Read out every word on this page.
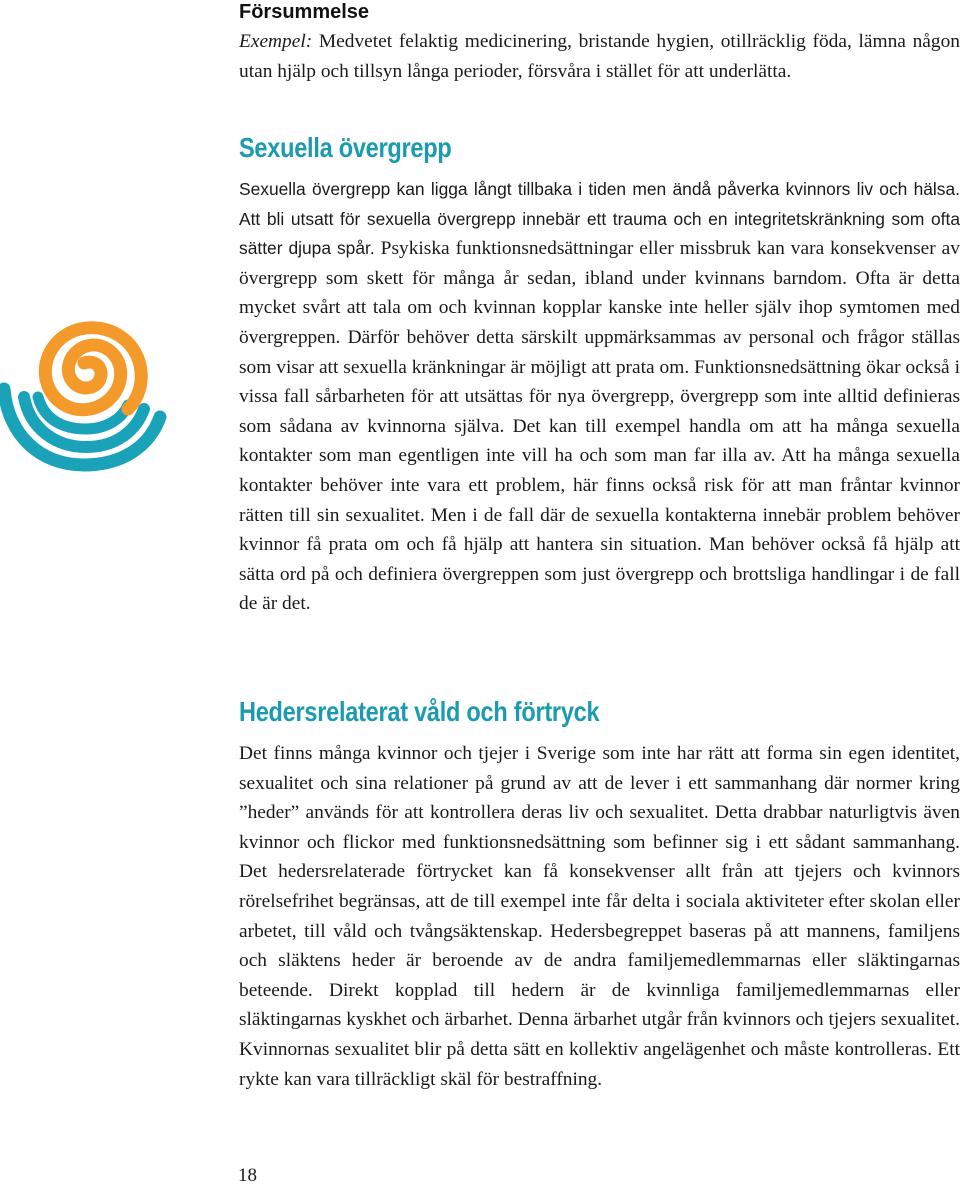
Försummelse

Exempel: Medvetet felaktig medicinering, bristande hygien, otillräcklig föda, lämna någon utan hjälp och tillsyn långa perioder, försvåra i stället för att underlätta.

Sexuella övergrepp

Sexuella övergrepp kan ligga långt tillbaka i tiden men ändå påverka kvinnors liv och hälsa. Att bli utsatt för sexuella övergrepp innebär ett trauma och en integritetskränkning som ofta sätter djupa spår. Psykiska funktionsnedsättningar eller missbruk kan vara konsekvenser av övergrepp som skett för många år sedan, ibland under kvinnans barndom. Ofta är detta mycket svårt att tala om och kvinnan kopplar kanske inte heller själv ihop symtomen med övergreppen. Därför behöver detta särskilt uppmärksammas av personal och frågor ställas som visar att sexuella kränkningar är möjligt att prata om. Funktionsnedsättning ökar också i vissa fall sårbarheten för att utsättas för nya övergrepp, övergrepp som inte alltid definieras som sådana av kvinnorna själva. Det kan till exempel handla om att ha många sexuella kontakter som man egentligen inte vill ha och som man far illa av. Att ha många sexuella kontakter behöver inte vara ett problem, här finns också risk för att man fråntar kvinnor rätten till sin sexualitet. Men i de fall där de sexuella kontakterna innebär problem behöver kvinnor få prata om och få hjälp att hantera sin situation. Man behöver också få hjälp att sätta ord på och definiera övergreppen som just övergrepp och brottsliga handlingar i de fall de är det.

Hedersrelaterat våld och förtryck

Det finns många kvinnor och tjejer i Sverige som inte har rätt att forma sin egen identitet, sexualitet och sina relationer på grund av att de lever i ett sammanhang där normer kring ”heder” används för att kontrollera deras liv och sexualitet. Detta drabbar naturligtvis även kvinnor och flickor med funktionsnedsättning som befinner sig i ett sådant sammanhang. Det hedersrelaterade förtrycket kan få konsekvenser allt från att tjejers och kvinnors rörelsefrihet begränsas, att de till exempel inte får delta i sociala aktiviteter efter skolan eller arbetet, till våld och tvångsäktenskap. Hedersbegreppet baseras på att mannens, familjens och släktens heder är beroende av de andra familjemedlemmarnas eller släktingarnas beteende. Direkt kopplad till hedern är de kvinnliga familjemedlemmarnas eller släktingarnas kyskhet och ärbarhet. Denna ärbarhet utgår från kvinnors och tjejers sexualitet. Kvinnornas sexualitet blir på detta sätt en kollektiv angelägenhet och måste kontrolleras. Ett rykte kan vara tillräckligt skäl för bestraffning.

18
